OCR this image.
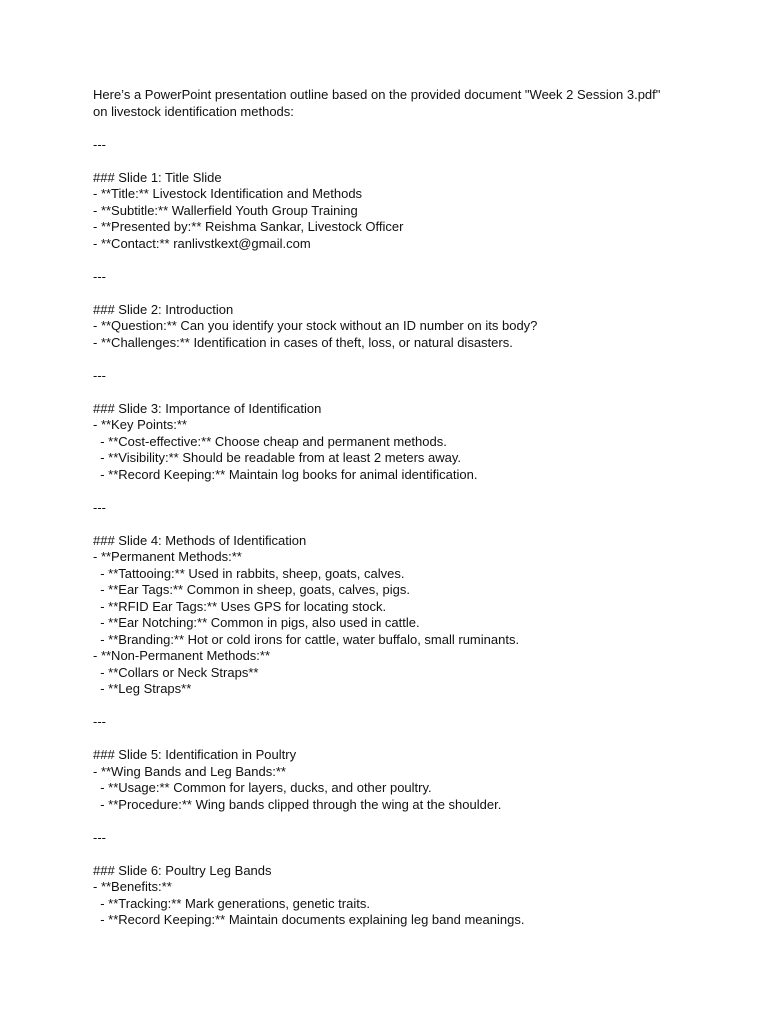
Here’s a PowerPoint presentation outline based on the provided document "Week 2 Session 3.pdf"

on livestock identification methods:

---

### Slide 1: Title Slide

- **Title:** Livestock Identification and Methods

- **Subtitle:** Wallerfield Youth Group Training

- **Presented by:** Reishma Sankar, Livestock Officer

- **Contact:** ranlivstkext@gmail.com

---

### Slide 2: Introduction

- **Question:** Can you identify your stock without an ID number on its body?

- **Challenges:** Identification in cases of theft, loss, or natural disasters.

---

### Slide 3: Importance of Identification

- **Key Points:**

- **Cost-effective:** Choose cheap and permanent methods.

- **Visibility:** Should be readable from at least 2 meters away.

- **Record Keeping:** Maintain log books for animal identification.

---

### Slide 4: Methods of Identification

- **Permanent Methods:**

- **Tattooing:** Used in rabbits, sheep, goats, calves.

- **Ear Tags:** Common in sheep, goats, calves, pigs.

- **RFID Ear Tags:** Uses GPS for locating stock.

- **Ear Notching:** Common in pigs, also used in cattle.

- **Branding:** Hot or cold irons for cattle, water buffalo, small ruminants.

- **Non-Permanent Methods:**

- **Collars or Neck Straps**

- **Leg Straps**

---

### Slide 5: Identification in Poultry

- **Wing Bands and Leg Bands:**

- **Usage:** Common for layers, ducks, and other poultry.

- **Procedure:** Wing bands clipped through the wing at the shoulder.

---

### Slide 6: Poultry Leg Bands

- **Benefits:**

- **Tracking:** Mark generations, genetic traits.

- **Record Keeping:** Maintain documents explaining leg band meanings.
